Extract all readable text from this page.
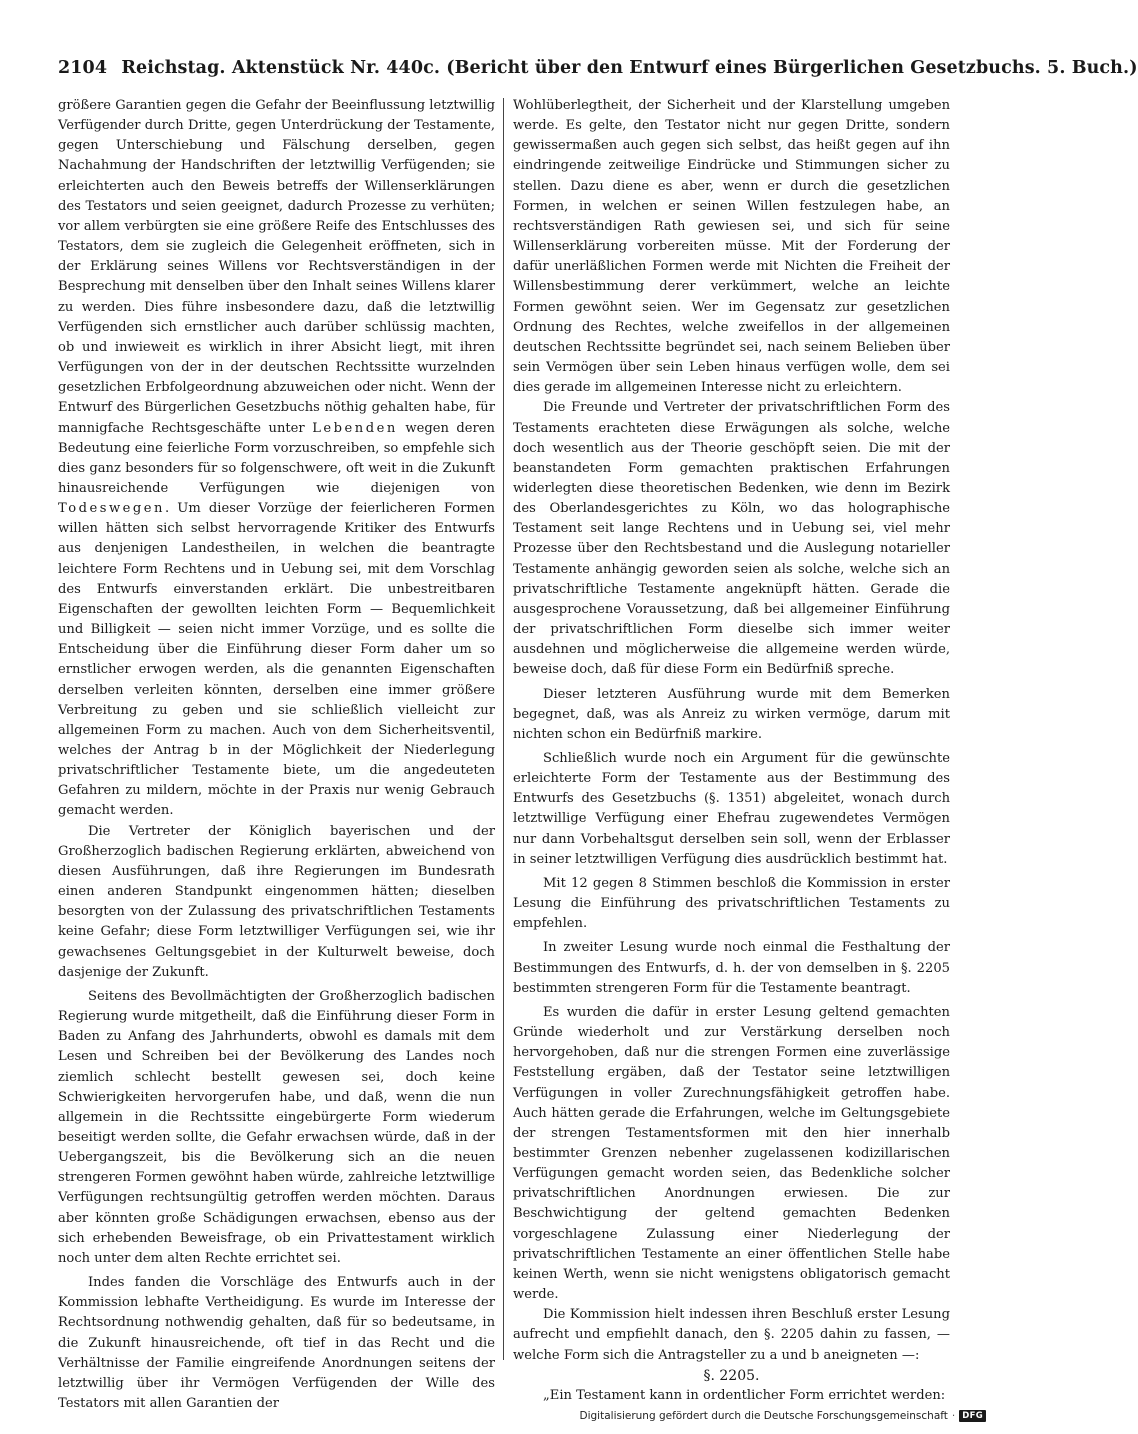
2104 Reichstag. Aktenstück Nr. 440c. (Bericht über den Entwurf eines Bürgerlichen Gesetzbuchs. 5. Buch.)

größere Garantien gegen die Gefahr der Beeinflussung letztwillig Verfügender durch Dritte, gegen Unterdrückung der Testamente, gegen Unterschiebung und Fälschung derselben, gegen Nachahmung der Handschriften der letztwillig Verfügenden; sie erleichterten auch den Beweis betreffs der Willenserklärungen des Testators und seien geeignet, dadurch Prozesse zu verhüten; vor allem verbürgten sie eine größere Reife des Entschlusses des Testators, dem sie zugleich die Gelegenheit eröffneten, sich in der Erklärung seines Willens vor Rechtsverständigen in der Besprechung mit denselben über den Inhalt seines Willens klarer zu werden. Dies führe insbesondere dazu, daß die letztwillig Verfügenden sich ernstlicher auch darüber schlüssig machten, ob und inwieweit es wirklich in ihrer Absicht liegt, mit ihren Verfügungen von der in der deutschen Rechtssitte wurzelnden gesetzlichen Erbfolgeordnung abzuweichen oder nicht. Wenn der Entwurf des Bürgerlichen Gesetzbuchs nöthig gehalten habe, für mannigfache Rechtsgeschäfte unter Lebenden wegen deren Bedeutung eine feierliche Form vorzuschreiben, so empfehle sich dies ganz besonders für so folgenschwere, oft weit in die Zukunft hinausreichende Verfügungen wie diejenigen von Todeswegen. Um dieser Vorzüge der feierlicheren Formen willen hätten sich selbst hervorragende Kritiker des Entwurfs aus denjenigen Landestheilen, in welchen die beantragte leichtere Form Rechtens und in Uebung sei, mit dem Vorschlag des Entwurfs einverstanden erklärt. Die unbestreitbaren Eigenschaften der gewollten leichten Form — Bequemlichkeit und Billigkeit — seien nicht immer Vorzüge, und es sollte die Entscheidung über die Einführung dieser Form daher um so ernstlicher erwogen werden, als die genannten Eigenschaften derselben verleiten könnten, derselben eine immer größere Verbreitung zu geben und sie schließlich vielleicht zur allgemeinen Form zu machen. Auch von dem Sicherheitsventil, welches der Antrag b in der Möglichkeit der Niederlegung privatschriftlicher Testamente biete, um die angedeuteten Gefahren zu mildern, möchte in der Praxis nur wenig Gebrauch gemacht werden.

Die Vertreter der Königlich bayerischen und der Großherzoglich badischen Regierung erklärten, abweichend von diesen Ausführungen, daß ihre Regierungen im Bundesrath einen anderen Standpunkt eingenommen hätten; dieselben besorgten von der Zulassung des privatschriftlichen Testaments keine Gefahr; diese Form letztwilliger Verfügungen sei, wie ihr gewachsenes Geltungsgebiet in der Kulturwelt beweise, doch dasjenige der Zukunft.

Seitens des Bevollmächtigten der Großherzoglich badischen Regierung wurde mitgetheilt, daß die Einführung dieser Form in Baden zu Anfang des Jahrhunderts, obwohl es damals mit dem Lesen und Schreiben bei der Bevölkerung des Landes noch ziemlich schlecht bestellt gewesen sei, doch keine Schwierigkeiten hervorgerufen habe, und daß, wenn die nun allgemein in die Rechtssitte eingebürgerte Form wiederum beseitigt werden sollte, die Gefahr erwachsen würde, daß in der Uebergangszeit, bis die Bevölkerung sich an die neuen strengeren Formen gewöhnt haben würde, zahlreiche letztwillige Verfügungen rechtsungültig getroffen werden möchten. Daraus aber könnten große Schädigungen erwachsen, ebenso aus der sich erhebenden Beweisfrage, ob ein Privattestament wirklich noch unter dem alten Rechte errichtet sei.

Indes fanden die Vorschläge des Entwurfs auch in der Kommission lebhafte Vertheidigung. Es wurde im Interesse der Rechtsordnung nothwendig gehalten, daß für so bedeutsame, in die Zukunft hinausreichende, oft tief in das Recht und die Verhältnisse der Familie eingreifende Anordnungen seitens der letztwillig über ihr Vermögen Verfügenden der Wille des Testators mit allen Garantien der

Wohlüberlegtheit, der Sicherheit und der Klarstellung umgeben werde. Es gelte, den Testator nicht nur gegen Dritte, sondern gewissermaßen auch gegen sich selbst, das heißt gegen auf ihn eindringende zeitweilige Eindrücke und Stimmungen sicher zu stellen. Dazu diene es aber, wenn er durch die gesetzlichen Formen, in welchen er seinen Willen festzulegen habe, an rechtsverständigen Rath gewiesen sei, und sich für seine Willenserklärung vorbereiten müsse. Mit der Forderung der dafür unerläßlichen Formen werde mit Nichten die Freiheit der Willensbestimmung derer verkümmert, welche an leichte Formen gewöhnt seien. Wer im Gegensatz zur gesetzlichen Ordnung des Rechtes, welche zweifellos in der allgemeinen deutschen Rechtssitte begründet sei, nach seinem Belieben über sein Vermögen über sein Leben hinaus verfügen wolle, dem sei dies gerade im allgemeinen Interesse nicht zu erleichtern.

Die Freunde und Vertreter der privatschriftlichen Form des Testaments erachteten diese Erwägungen als solche, welche doch wesentlich aus der Theorie geschöpft seien. Die mit der beanstandeten Form gemachten praktischen Erfahrungen widerlegten diese theoretischen Bedenken, wie denn im Bezirk des Oberlandesgerichtes zu Köln, wo das holographische Testament seit lange Rechtens und in Uebung sei, viel mehr Prozesse über den Rechtsbestand und die Auslegung notarieller Testamente anhängig geworden seien als solche, welche sich an privatschriftliche Testamente angeknüpft hätten. Gerade die ausgesprochene Voraussetzung, daß bei allgemeiner Einführung der privatschriftlichen Form dieselbe sich immer weiter ausdehnen und möglicherweise die allgemeine werden würde, beweise doch, daß für diese Form ein Bedürfniß spreche.

Dieser letzteren Ausführung wurde mit dem Bemerken begegnet, daß, was als Anreiz zu wirken vermöge, darum mit nichten schon ein Bedürfniß markire.

Schließlich wurde noch ein Argument für die gewünschte erleichterte Form der Testamente aus der Bestimmung des Entwurfs des Gesetzbuchs (§. 1351) abgeleitet, wonach durch letztwillige Verfügung einer Ehefrau zugewendetes Vermögen nur dann Vorbehaltsgut derselben sein soll, wenn der Erblasser in seiner letztwilligen Verfügung dies ausdrücklich bestimmt hat.

Mit 12 gegen 8 Stimmen beschloß die Kommission in erster Lesung die Einführung des privatschriftlichen Testaments zu empfehlen.

In zweiter Lesung wurde noch einmal die Festhaltung der Bestimmungen des Entwurfs, d. h. der von demselben in §. 2205 bestimmten strengeren Form für die Testamente beantragt.

Es wurden die dafür in erster Lesung geltend gemachten Gründe wiederholt und zur Verstärkung derselben noch hervorgehoben, daß nur die strengen Formen eine zuverlässige Feststellung ergäben, daß der Testator seine letztwilligen Verfügungen in voller Zurechnungsfähigkeit getroffen habe. Auch hätten gerade die Erfahrungen, welche im Geltungsgebiete der strengen Testamentsformen mit den hier innerhalb bestimmter Grenzen nebenher zugelassenen kodizillarischen Verfügungen gemacht worden seien, das Bedenkliche solcher privatschriftlichen Anordnungen erwiesen. Die zur Beschwichtigung der geltend gemachten Bedenken vorgeschlagene Zulassung einer Niederlegung der privatschriftlichen Testamente an einer öffentlichen Stelle habe keinen Werth, wenn sie nicht wenigstens obligatorisch gemacht werde.

Die Kommission hielt indessen ihren Beschluß erster Lesung aufrecht und empfiehlt danach, den §. 2205 dahin zu fassen, — welche Form sich die Antragsteller zu a und b aneigneten —:

§. 2205.

„Ein Testament kann in ordentlicher Form errichtet werden:

Digitalisierung gefördert durch die Deutsche Forschungsgemeinschaft · DFG
